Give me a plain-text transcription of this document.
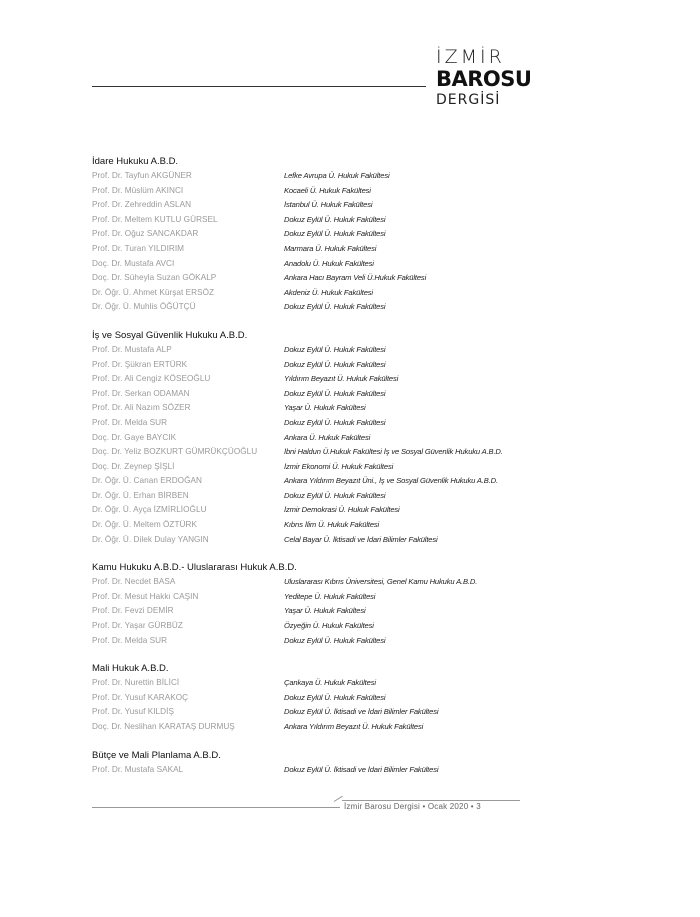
İZMİR
BAROSU
DERGİSİ
İdare Hukuku A.B.D.
Prof. Dr. Tayfun AKGÜNER	Lefke Avrupa Ü. Hukuk Fakültesi
Prof. Dr. Müslüm AKINCI	Kocaeli Ü. Hukuk Fakültesi
Prof. Dr. Zehreddin ASLAN	İstanbul Ü. Hukuk Fakültesi
Prof. Dr. Meltem KUTLU GÜRSEL	Dokuz Eylül Ü. Hukuk Fakültesi
Prof. Dr. Oğuz SANCAKDAR	Dokuz Eylül Ü. Hukuk Fakültesi
Prof. Dr. Turan YILDIRIM	Marmara Ü. Hukuk Fakültesi
Doç. Dr. Mustafa AVCI	Anadolu Ü. Hukuk Fakültesi
Doç. Dr. Süheyla Suzan GÖKALP	Ankara Hacı Bayram Veli Ü.Hukuk Fakültesi
Dr. Öğr. Ü. Ahmet Kürşat ERSÖZ	Akdeniz Ü. Hukuk Fakültesi
Dr. Öğr. Ü. Muhlis ÖĞÜTÇÜ	Dokuz Eylül Ü. Hukuk Fakültesi
İş ve Sosyal Güvenlik Hukuku A.B.D.
Prof. Dr. Mustafa ALP	Dokuz Eylül Ü. Hukuk Fakültesi
Prof. Dr. Şükran ERTÜRK	Dokuz Eylül Ü. Hukuk Fakültesi
Prof. Dr. Ali Cengiz KÖSEOĞLU	Yıldırım Beyazıt Ü. Hukuk Fakültesi
Prof. Dr. Serkan ODAMAN	Dokuz Eylül Ü. Hukuk Fakültesi
Prof. Dr. Ali Nazım SÖZER	Yaşar Ü. Hukuk Fakültesi
Prof. Dr. Melda SUR	Dokuz Eylül Ü. Hukuk Fakültesi
Doç. Dr. Gaye BAYCIK	Ankara Ü. Hukuk Fakültesi
Doç. Dr. Yeliz BOZKURT GÜMRÜKÇÜOĞLU	İbni Haldun Ü.Hukuk Fakültesi İş ve Sosyal Güvenlik Hukuku A.B.D.
Doç. Dr. Zeynep ŞİŞLİ	İzmir Ekonomi Ü. Hukuk Fakültesi
Dr. Öğr. Ü. Canan ERDOĞAN	Ankara Yıldırım Beyazıt Üni., İş ve Sosyal Güvenlik Hukuku A.B.D.
Dr. Öğr. Ü. Erhan BİRBEN	Dokuz Eylül Ü. Hukuk Fakültesi
Dr. Öğr. Ü. Ayça İZMİRLİOĞLU	İzmir Demokrasi Ü. Hukuk Fakültesi
Dr. Öğr. Ü. Meltem ÖZTÜRK	Kıbrıs İlim Ü. Hukuk Fakültesi
Dr. Öğr. Ü. Dilek Dulay YANGIN	Celal Bayar Ü. İktisadi ve İdari Bilimler Fakültesi
Kamu Hukuku A.B.D.- Uluslararası Hukuk A.B.D.
Prof. Dr. Necdet BASA	Uluslararası Kıbrıs Üniversitesi, Genel Kamu Hukuku A.B.D.
Prof. Dr. Mesut Hakkı CAŞIN	Yeditepe Ü. Hukuk Fakültesi
Prof. Dr. Fevzi DEMİR	Yaşar Ü. Hukuk Fakültesi
Prof. Dr. Yaşar GÜRBÜZ	Özyeğin Ü. Hukuk Fakültesi
Prof. Dr. Melda SUR	Dokuz Eylül Ü. Hukuk Fakültesi
Mali Hukuk A.B.D.
Prof. Dr. Nurettin BİLİCİ	Çankaya Ü. Hukuk Fakültesi
Prof. Dr. Yusuf KARAKOÇ	Dokuz Eylül Ü. Hukuk Fakültesi
Prof. Dr. Yusuf KILDİŞ	Dokuz Eylül Ü. İktisadi ve İdari Bilimler Fakültesi
Doç. Dr. Neslihan KARATAŞ DURMUŞ	Ankara Yıldırım Beyazıt Ü. Hukuk Fakültesi
Bütçe ve Mali Planlama A.B.D.
Prof. Dr. Mustafa SAKAL	Dokuz Eylül Ü. İktisadi ve İdari Bilimler Fakültesi
İzmir Barosu Dergisi • Ocak 2020 • 3
